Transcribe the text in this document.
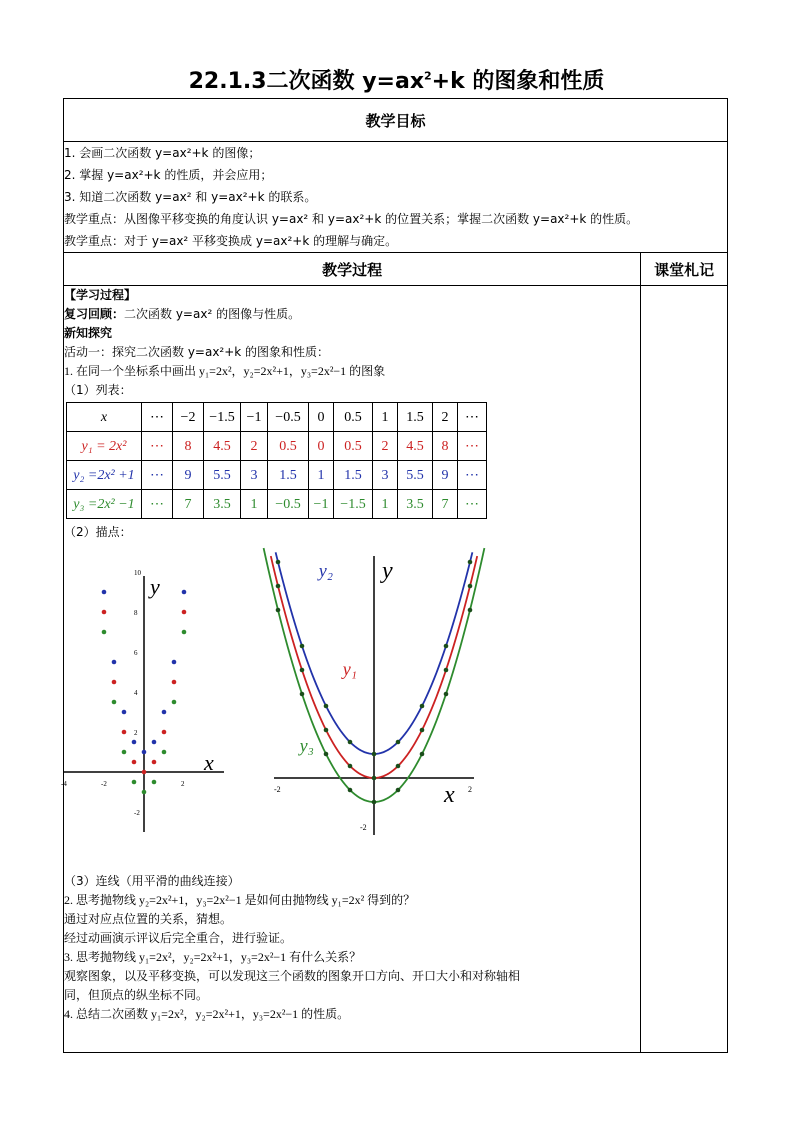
22.1.3二次函数 $y=ax^2+k$ 的图象和性质
教学目标

1. 会画二次函数 y=ax²+k 的图像；
2. 掌握 y=ax²+k 的性质，并会应用；
3. 知道二次函数 y=ax² 和 y=ax²+k 的联系。
教学重点：从图像平移变换的角度认识 y=ax² 和 y=ax²+k 的位置关系；掌握二次函数 y=ax²+k 的性质。
教学重点：对于 y=ax² 平移变换成 y=ax²+k 的理解与确定。

教学过程	课堂札记

【学习过程】
复习回顾：二次函数 y=ax² 的图像与性质。
新知探究
活动一：探究二次函数 y=ax²+k 的图象和性质：
1. 在同一个坐标系中画出 y₁=2x²，y₂=2x²+1，y₃=2x²−1 的图象
（1）列表：
x	⋯	−2	−1.5	−1	−0.5	0	0.5	1	1.5	2	⋯
y₁ = 2x²	⋯	8	4.5	2	0.5	0	0.5	2	4.5	8	⋯
y₂ =2x² +1	⋯	9	5.5	3	1.5	1	1.5	3	5.5	9	⋯
y₃ =2x² −1	⋯	7	3.5	1	−0.5	−1	−1.5	1	3.5	7	⋯
（2）描点：
x
y
-4	-2	2
10
8
6
4
2
-2
x
y
-2	2
-2
y₂
y₁
y₃
（3）连线（用平滑的曲线连接）
2. 思考抛物线 y₂=2x²+1，y₃=2x²−1 是如何由抛物线 y₁=2x² 得到的？
通过对应点位置的关系，猜想。
经过动画演示评议后完全重合，进行验证。
3. 思考抛物线 y₁=2x²，y₂=2x²+1，y₃=2x²−1 有什么关系？
观察图象，以及平移变换，可以发现这三个函数的图象开口方向、开口大小和对称轴相
同，但顶点的纵坐标不同。
4. 总结二次函数 y₁=2x²，y₂=2x²+1，y₃=2x²−1 的性质。
